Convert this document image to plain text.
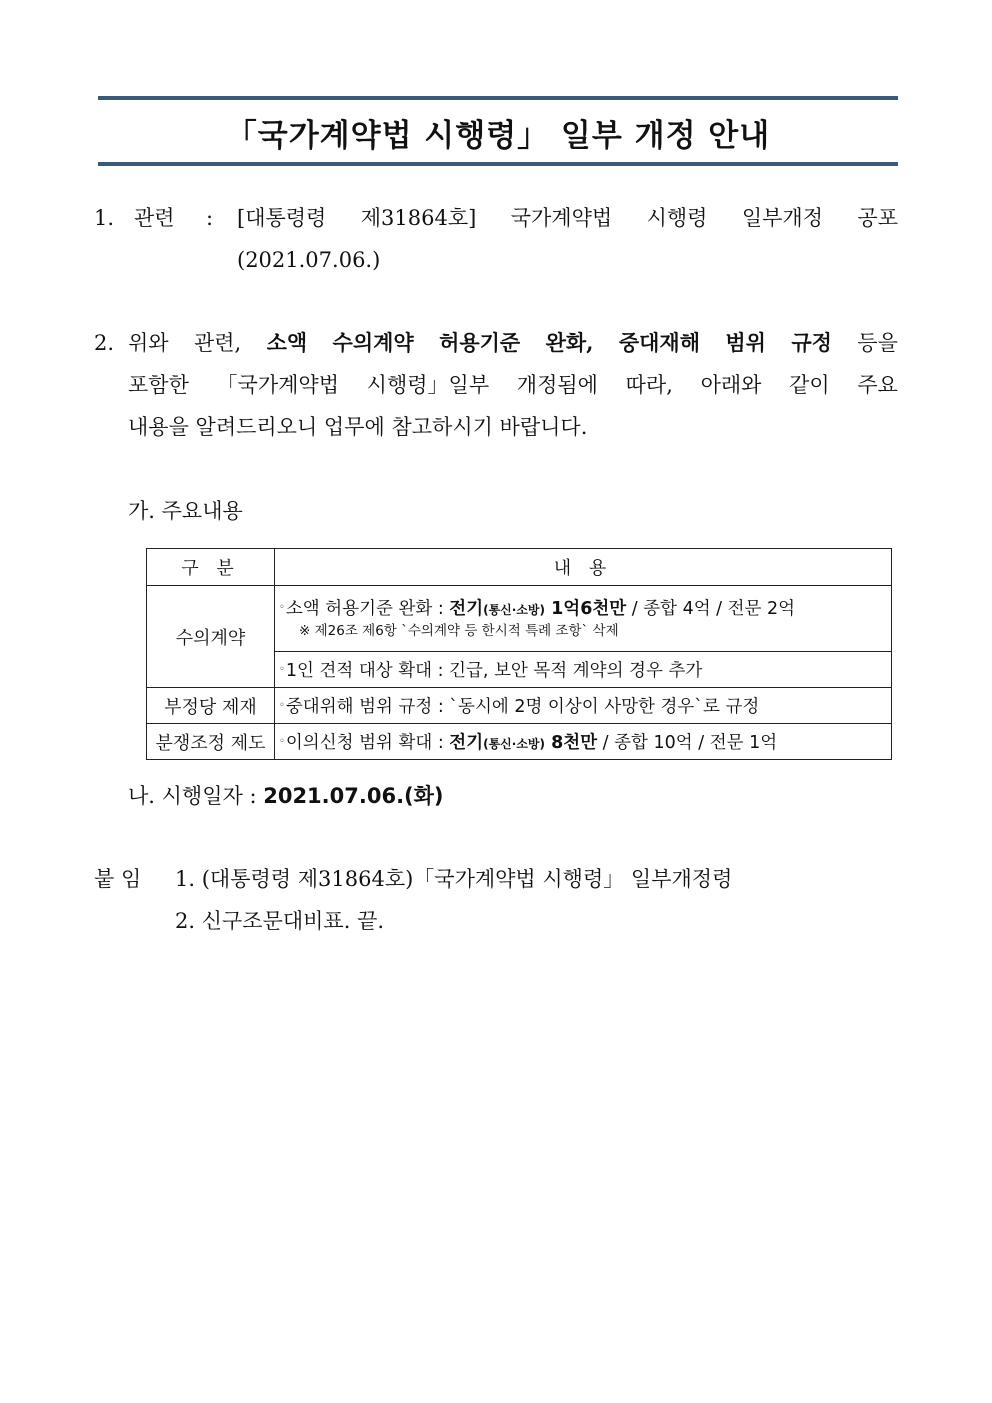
「국가계약법 시행령」 일부 개정 안내
1. 관련 : [대통령령 제31864호] 국가계약법 시행령 일부개정 공포
(2021.07.06.)
2. 위와 관련, 소액 수의계약 허용기준 완화, 중대재해 범위 규정 등을
포함한 「국가계약법 시행령」일부 개정됨에 따라, 아래와 같이 주요
내용을 알려드리오니 업무에 참고하시기 바랍니다.
가. 주요내용
구 분	내 용
수의계약	◦소액 허용기준 완화 : 전기(통신·소방) 1억6천만 / 종합 4억 / 전문 2억
※ 제26조 제6항 `수의계약 등 한시적 특례 조항` 삭제

	◦1인 견적 대상 확대 : 긴급, 보안 목적 계약의 경우 추가
부정당 제재	◦중대위해 범위 규정 : `동시에 2명 이상이 사망한 경우`로 규정
분쟁조정 제도	◦이의신청 범위 확대 : 전기(통신·소방) 8천만 / 종합 10억 / 전문 1억
나. 시행일자 : 2021.07.06.(화)
붙 임 1. (대통령령 제31864호)「국가계약법 시행령」 일부개정령
2. 신구조문대비표. 끝.
